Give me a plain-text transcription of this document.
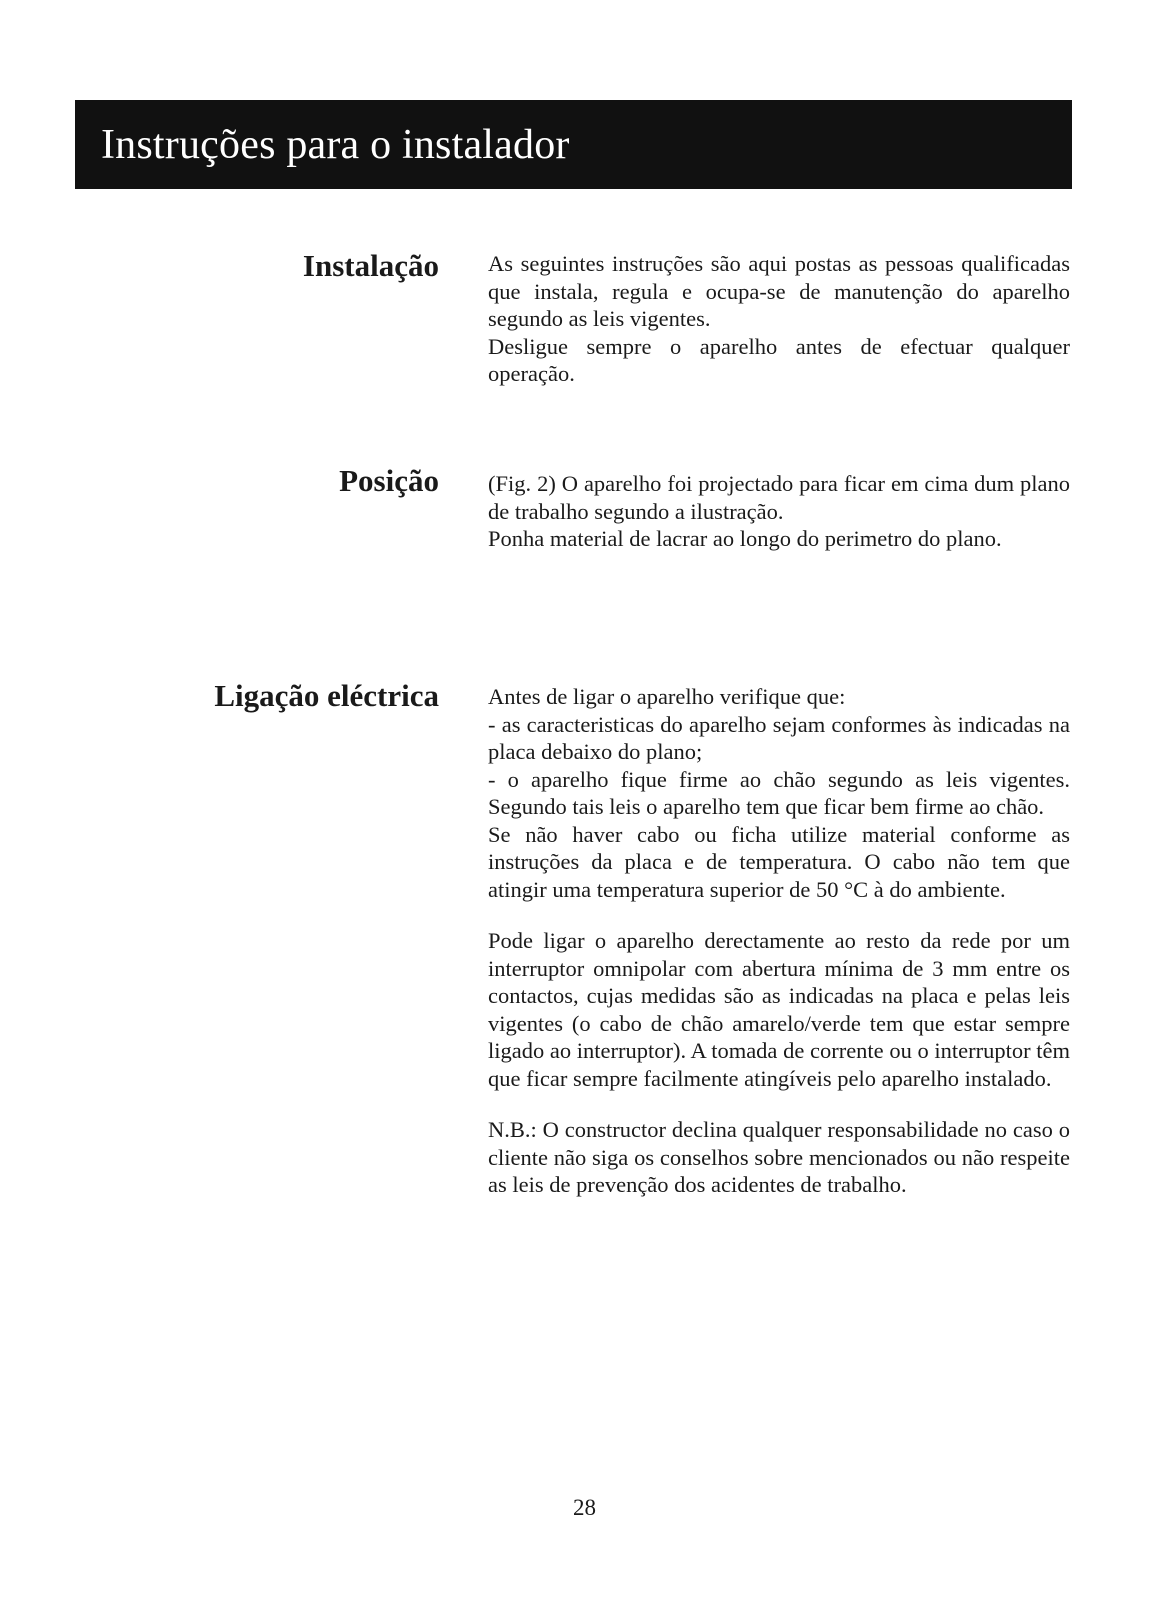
Instruções para o instalador
Instalação As seguintes instruções são aqui postas as pessoas qualificadas que instala, regula e ocupa-se de manutenção do aparelho segundo as leis vigentes.

Desligue sempre o aparelho antes de efectuar qualquer operação.

Posição (Fig. 2) O aparelho foi projectado para ficar em cima dum plano de trabalho segundo a ilustração.

Ponha material de lacrar ao longo do perimetro do plano.

Ligação eléctrica Antes de ligar o aparelho verifique que:

- as caracteristicas do aparelho sejam conformes às indicadas na placa debaixo do plano;

- o aparelho fique firme ao chão segundo as leis vigentes. Segundo tais leis o aparelho tem que ficar bem firme ao chão.

Se não haver cabo ou ficha utilize material conforme as instruções da placa e de temperatura. O cabo não tem que atingir uma temperatura superior de 50 °C à do ambiente.

Pode ligar o aparelho derectamente ao resto da rede por um interruptor omnipolar com abertura mínima de 3 mm entre os contactos, cujas medidas são as indicadas na placa e pelas leis vigentes (o cabo de chão amarelo/verde tem que estar sempre ligado ao interruptor). A tomada de corrente ou o interruptor têm que ficar sempre facilmente atingíveis pelo aparelho instalado.

N.B.: O constructor declina qualquer responsabilidade no caso o cliente não siga os conselhos sobre mencionados ou não respeite as leis de prevenção dos acidentes de trabalho.

28
